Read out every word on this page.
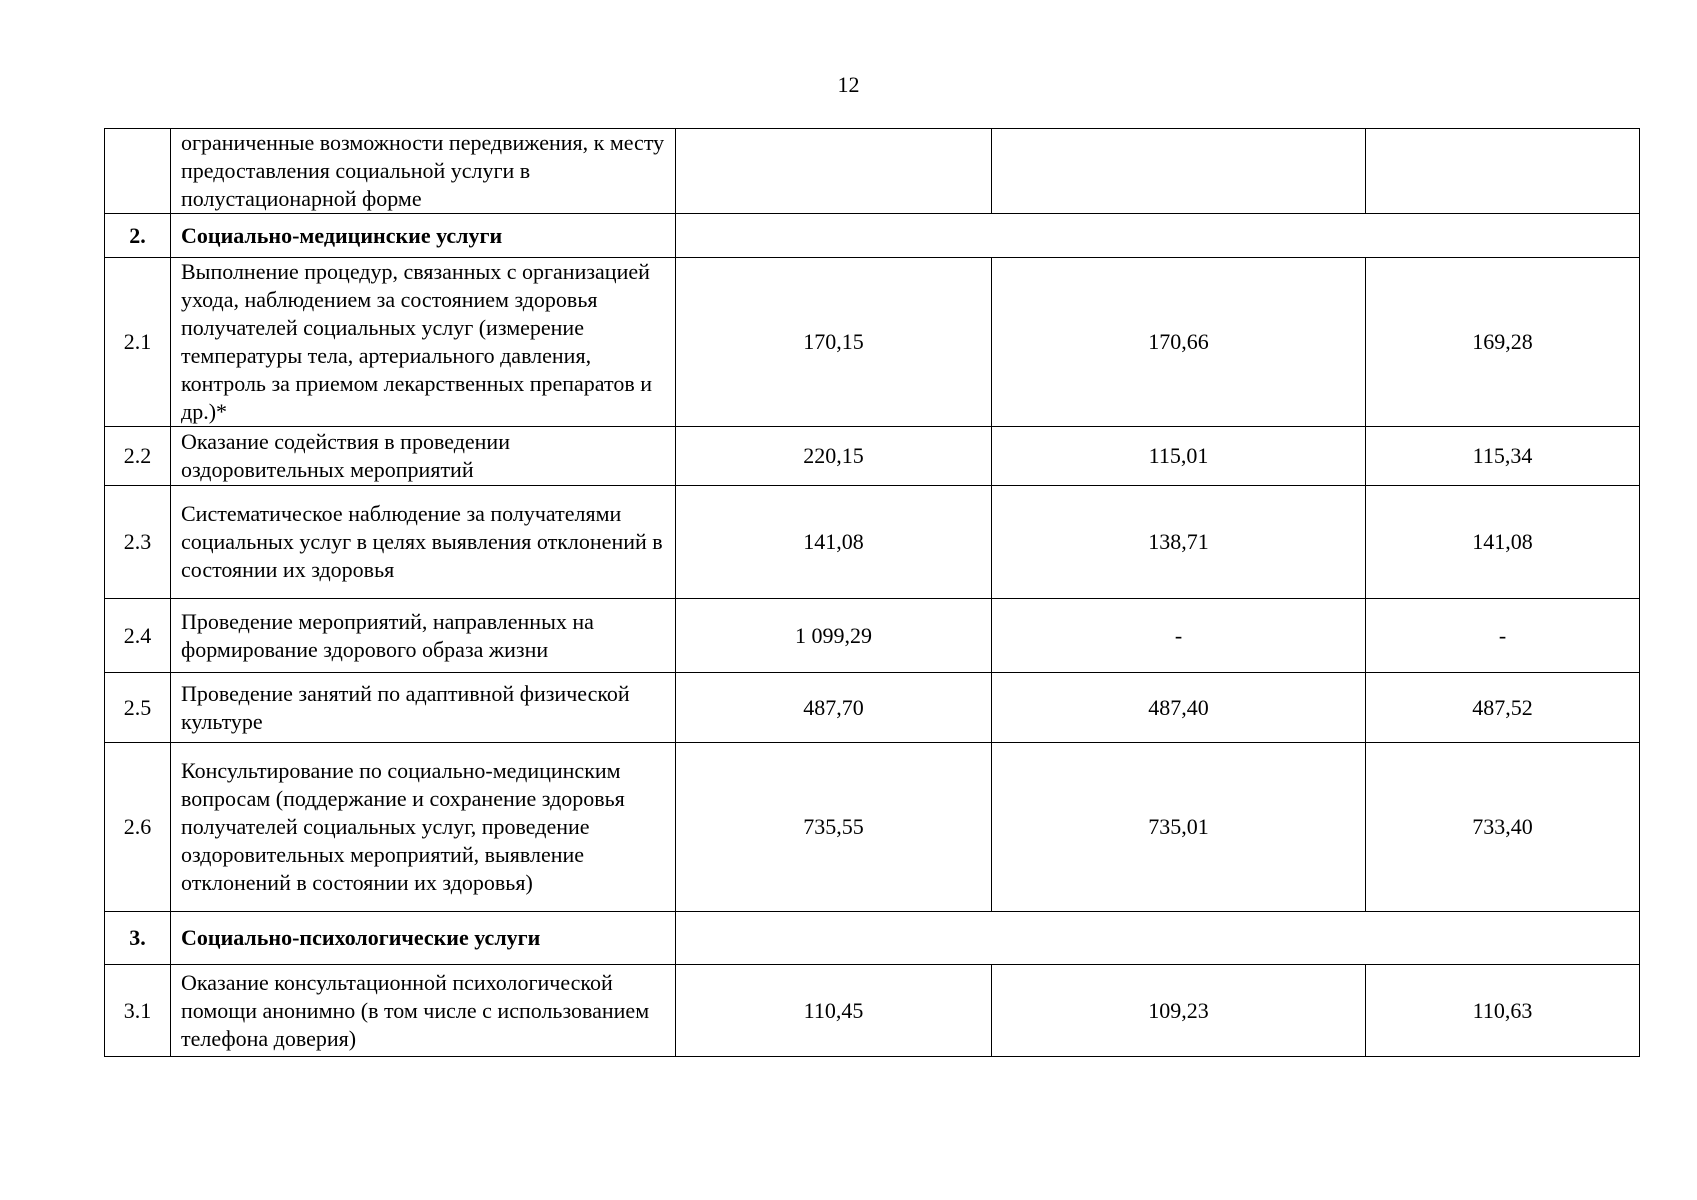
12
	ограниченные возможности передвижения, к месту предоставления социальной услуги в полустационарной форме			
2.	Социально-медицинские услуги			
2.1	Выполнение процедур, связанных с организацией ухода, наблюдением за состоянием здоровья получателей социальных услуг (измерение температуры тела, артериального давления, контроль за приемом лекарственных препаратов и др.)*	170,15	170,66	169,28
2.2	Оказание содействия в проведении оздоровительных мероприятий	220,15	115,01	115,34
2.3	Систематическое наблюдение за получателями социальных услуг в целях выявления отклонений в состоянии их здоровья	141,08	138,71	141,08
2.4	Проведение мероприятий, направленных на формирование здорового образа жизни	1 099,29	-	-
2.5	Проведение занятий по адаптивной физической культуре	487,70	487,40	487,52
2.6	Консультирование по социально-медицинским вопросам (поддержание и сохранение здоровья получателей социальных услуг, проведение оздоровительных мероприятий, выявление отклонений в состоянии их здоровья)	735,55	735,01	733,40
3.	Социально-психологические услуги			
3.1	Оказание консультационной психологической помощи анонимно (в том числе с использованием телефона доверия)	110,45	109,23	110,63
